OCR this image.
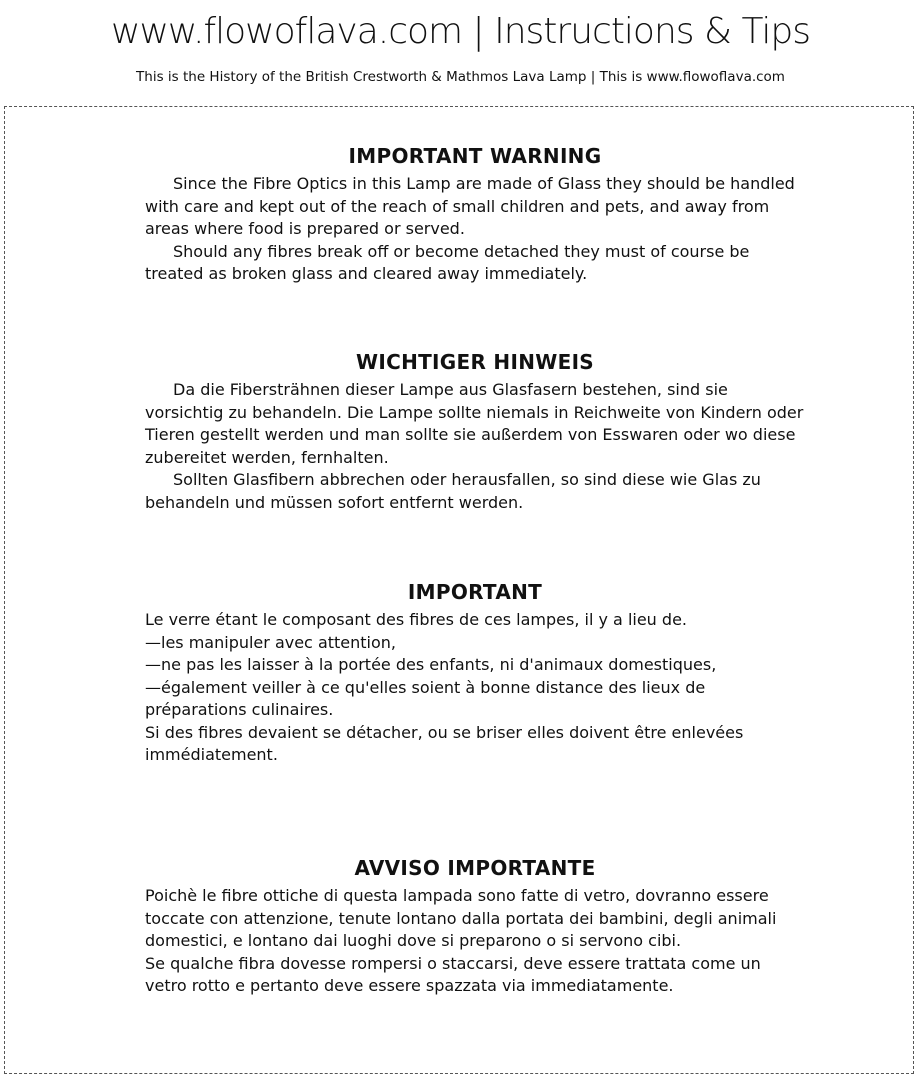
www.flowoflava.com | Instructions & Tips

This is the History of the British Crestworth & Mathmos Lava Lamp | This is www.flowoflava.com

IMPORTANT WARNING

Since the Fibre Optics in this Lamp are made of Glass they should be handled with care and kept out of the reach of small children and pets, and away from areas where food is prepared or served.

Should any fibres break off or become detached they must of course be treated as broken glass and cleared away immediately.

WICHTIGER HINWEIS

Da die Fibersträhnen dieser Lampe aus Glasfasern bestehen, sind sie vorsichtig zu behandeln. Die Lampe sollte niemals in Reichweite von Kindern oder Tieren gestellt werden und man sollte sie außerdem von Esswaren oder wo diese zubereitet werden, fernhalten.

Sollten Glasfibern abbrechen oder herausfallen, so sind diese wie Glas zu behandeln und müssen sofort entfernt werden.

IMPORTANT

Le verre étant le composant des fibres de ces lampes, il y a lieu de.

—les manipuler avec attention,

—ne pas les laisser à la portée des enfants, ni d'animaux domestiques,

—également veiller à ce qu'elles soient à bonne distance des lieux de préparations culinaires.

Si des fibres devaient se détacher, ou se briser elles doivent être enlevées immédiatement.

AVVISO IMPORTANTE

Poichè le fibre ottiche di questa lampada sono fatte di vetro, dovranno essere toccate con attenzione, tenute lontano dalla portata dei bambini, degli animali domestici, e lontano dai luoghi dove si preparono o si servono cibi.

Se qualche fibra dovesse rompersi o staccarsi, deve essere trattata come un vetro rotto e pertanto deve essere spazzata via immediatamente.
